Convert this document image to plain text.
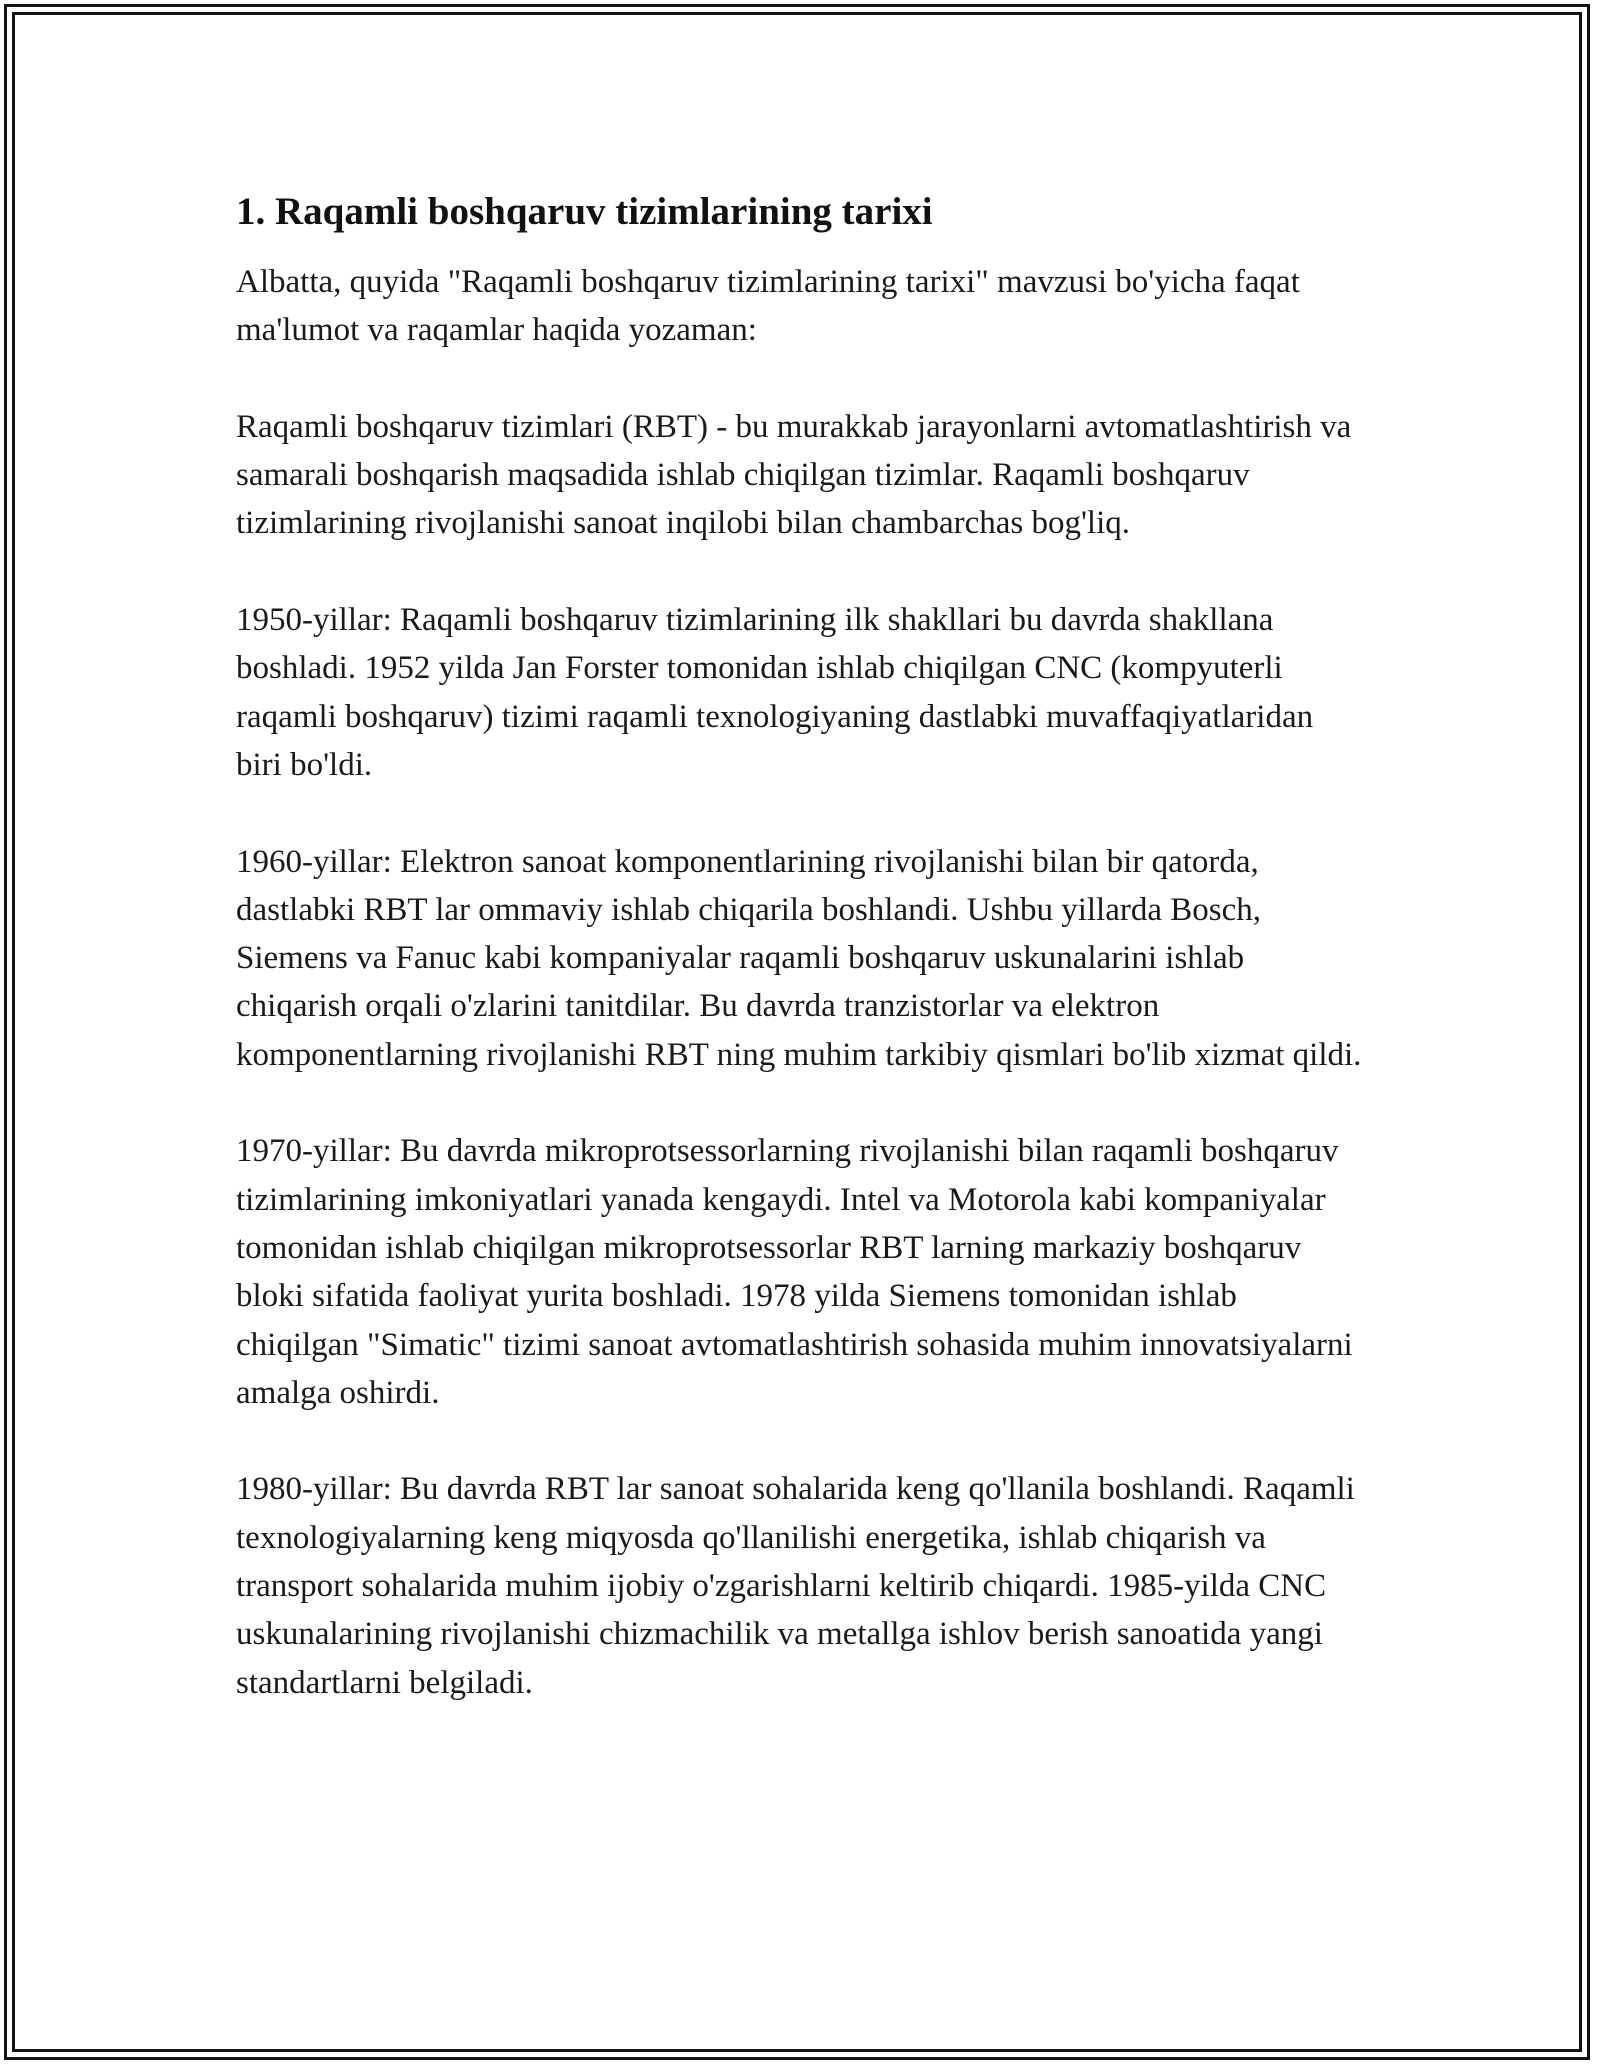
1. Raqamli boshqaruv tizimlarining tarixi

Albatta, quyida "Raqamli boshqaruv tizimlarining tarixi" mavzusi bo'yicha faqat ma'lumot va raqamlar haqida yozaman:

Raqamli boshqaruv tizimlari (RBT) - bu murakkab jarayonlarni avtomatlashtirish va samarali boshqarish maqsadida ishlab chiqilgan tizimlar. Raqamli boshqaruv tizimlarining rivojlanishi sanoat inqilobi bilan chambarchas bog'liq.

1950-yillar: Raqamli boshqaruv tizimlarining ilk shakllari bu davrda shakllana boshladi. 1952 yilda Jan Forster tomonidan ishlab chiqilgan CNC (kompyuterli raqamli boshqaruv) tizimi raqamli texnologiyaning dastlabki muvaffaqiyatlaridan biri bo'ldi.

1960-yillar: Elektron sanoat komponentlarining rivojlanishi bilan bir qatorda, dastlabki RBT lar ommaviy ishlab chiqarila boshlandi. Ushbu yillarda Bosch, Siemens va Fanuc kabi kompaniyalar raqamli boshqaruv uskunalarini ishlab chiqarish orqali o'zlarini tanitdilar. Bu davrda tranzistorlar va elektron komponentlarning rivojlanishi RBT ning muhim tarkibiy qismlari bo'lib xizmat qildi.

1970-yillar: Bu davrda mikroprotsessorlarning rivojlanishi bilan raqamli boshqaruv tizimlarining imkoniyatlari yanada kengaydi. Intel va Motorola kabi kompaniyalar tomonidan ishlab chiqilgan mikroprotsessorlar RBT larning markaziy boshqaruv bloki sifatida faoliyat yurita boshladi. 1978 yilda Siemens tomonidan ishlab chiqilgan "Simatic" tizimi sanoat avtomatlashtirish sohasida muhim innovatsiyalarni amalga oshirdi.

1980-yillar: Bu davrda RBT lar sanoat sohalarida keng qo'llanila boshlandi. Raqamli texnologiyalarning keng miqyosda qo'llanilishi energetika, ishlab chiqarish va transport sohalarida muhim ijobiy o'zgarishlarni keltirib chiqardi. 1985-yilda CNC uskunalarining rivojlanishi chizmachilik va metallga ishlov berish sanoatida yangi standartlarni belgiladi.
